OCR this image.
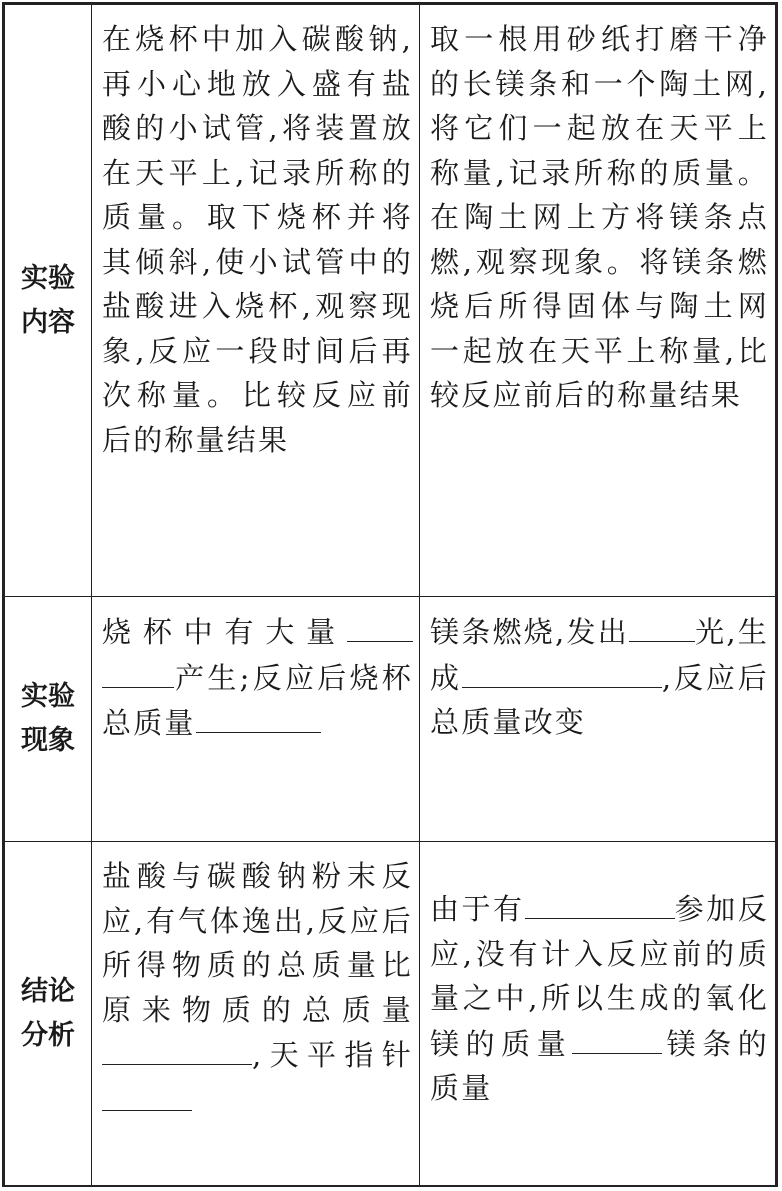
实验
内容	在烧杯中加入碳酸钠,再小心地放入盛有盐酸的小试管,将装置放在天平上,记录所称的质量。取下烧杯并将其倾斜,使小试管中的盐酸进入烧杯,观察现象,反应一段时间后再次称量。比较反应前后的称量结果	取一根用砂纸打磨干净的长镁条和一个陶土网,将它们一起放在天平上称量,记录所称的质量。在陶土网上方将镁条点燃,观察现象。将镁条燃烧后所得固体与陶土网一起放在天平上称量,比较反应前后的称量结果

实验
现象	烧杯中有大量产生;反应后烧杯总质量	镁条燃烧,发出 光,生成 ,反应后总质量改变

结论
分析	盐酸与碳酸钠粉末反应,有气体逸出,反应后所得物质的总质量比原来物质的总质量,天平指针	由于有 参加反应,没有计入反应前的质量之中,所以生成的氧化镁的质量 镁条的质量
